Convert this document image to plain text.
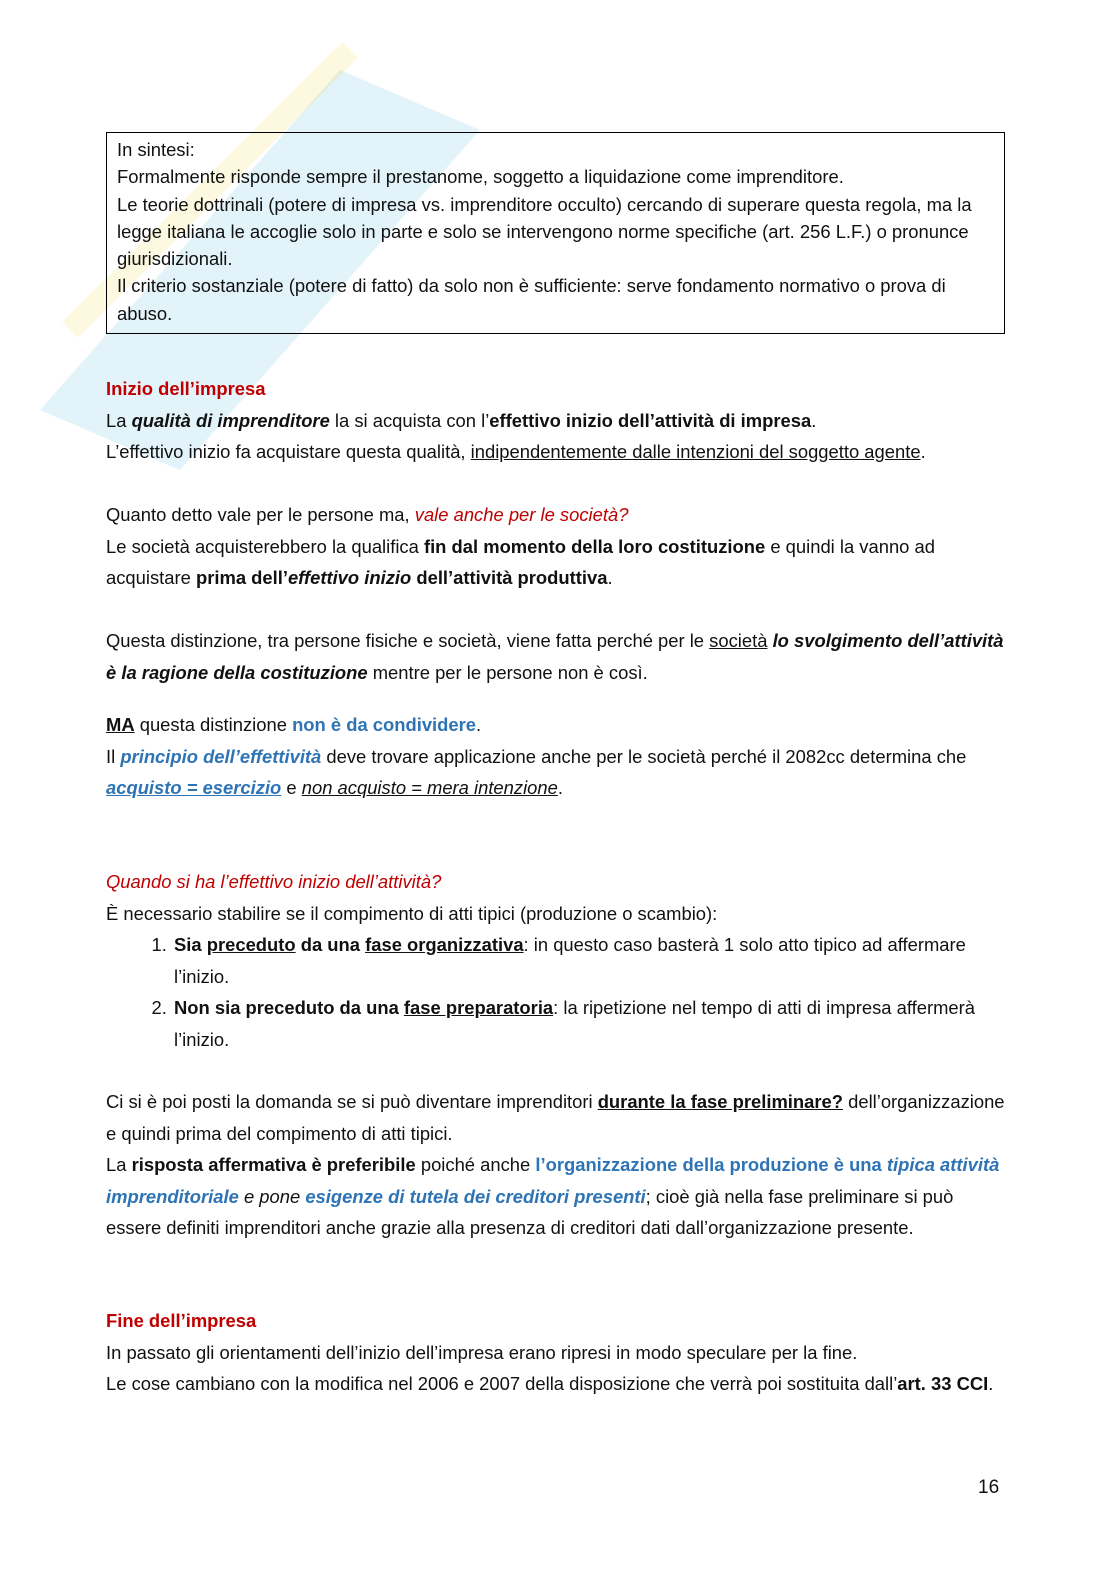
In sintesi:

Formalmente risponde sempre il prestanome, soggetto a liquidazione come imprenditore.

Le teorie dottrinali (potere di impresa vs. imprenditore occulto) cercando di superare questa regola, ma la legge italiana le accoglie solo in parte e solo se intervengono norme specifiche (art. 256 L.F.) o pronunce giurisdizionali.

Il criterio sostanziale (potere di fatto) da solo non è sufficiente: serve fondamento normativo o prova di abuso.

Inizio dell’impresa

La qualità di imprenditore la si acquista con l’effettivo inizio dell’attività di impresa.

L’effettivo inizio fa acquistare questa qualità, indipendentemente dalle intenzioni del soggetto agente.

Quanto detto vale per le persone ma, vale anche per le società?

Le società acquisterebbero la qualifica fin dal momento della loro costituzione e quindi la vanno ad acquistare prima dell’effettivo inizio dell’attività produttiva.

Questa distinzione, tra persone fisiche e società, viene fatta perché per le società lo svolgimento dell’attività è la ragione della costituzione mentre per le persone non è così.

MA questa distinzione non è da condividere.

Il principio dell’effettività deve trovare applicazione anche per le società perché il 2082cc determina che acquisto = esercizio e non acquisto = mera intenzione.

Quando si ha l’effettivo inizio dell’attività?

È necessario stabilire se il compimento di atti tipici (produzione o scambio):

1. Sia preceduto da una fase organizzativa: in questo caso basterà 1 solo atto tipico ad affermare l’inizio.
2. Non sia preceduto da una fase preparatoria: la ripetizione nel tempo di atti di impresa affermerà l’inizio.

Ci si è poi posti la domanda se si può diventare imprenditori durante la fase preliminare? dell’organizzazione e quindi prima del compimento di atti tipici.

La risposta affermativa è preferibile poiché anche l’organizzazione della produzione è una tipica attività imprenditoriale e pone esigenze di tutela dei creditori presenti; cioè già nella fase preliminare si può essere definiti imprenditori anche grazie alla presenza di creditori dati dall’organizzazione presente.

Fine dell’impresa

In passato gli orientamenti dell’inizio dell’impresa erano ripresi in modo speculare per la fine.

Le cose cambiano con la modifica nel 2006 e 2007 della disposizione che verrà poi sostituita dall’art. 33 CCI.

16
